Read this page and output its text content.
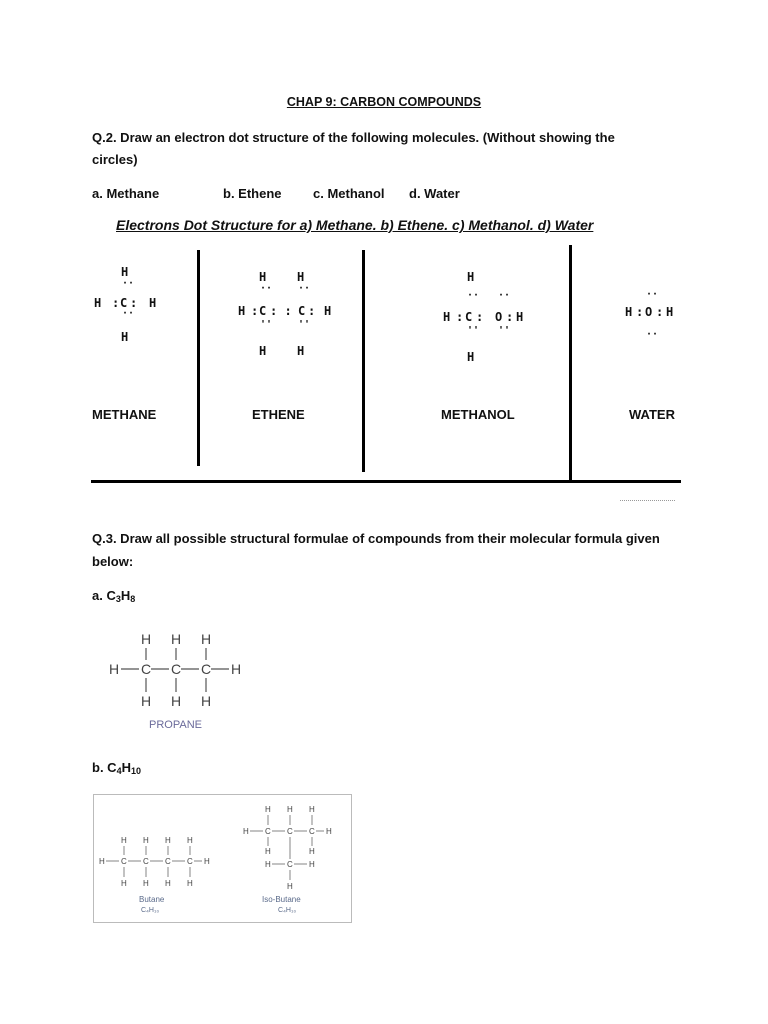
CHAP 9: CARBON COMPOUNDS
Q.2. Draw an electron dot structure of the following molecules. (Without showing the
circles)
a. Methane	b. Ethene c. Methanol d. Water
Electrons Dot Structure for a) Methane. b) Ethene. c) Methanol. d) Water
H
··
H : C : H
··
H
METHANE
H	H
··	··
H : C : : C : H
''	''
H	H
ETHENE
H
·· ··
H : C : O : H
'' ''
H
METHANOL
··
H : O : H
··
WATER
Q.3. Draw all possible structural formulae of compounds from their molecular formula given
below:
a. $C_3H_8$
H H H
H C C C H
H H H
PROPANE
b. $C_4H_{10}$
H H H H
H C C C C H
H H H H
Butane
C₄H₁₀
H H H
H C C C H
H	H
H C H
H
Iso-Butane
C₄H₁₀
